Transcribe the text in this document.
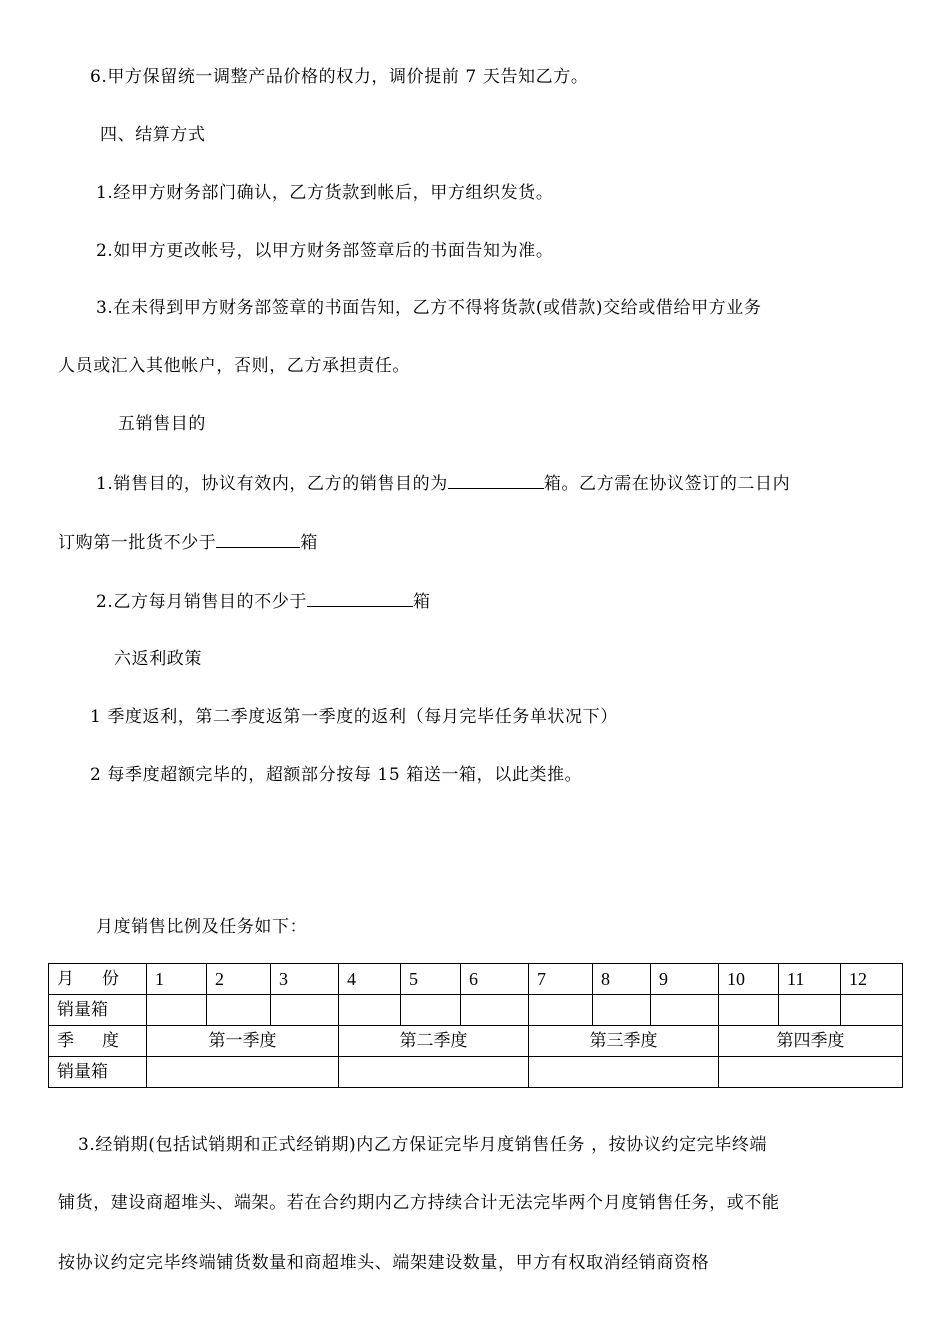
6.甲方保留统一调整产品价格的权力，调价提前 7 天告知乙方。
四、结算方式
1.经甲方财务部门确认，乙方货款到帐后，甲方组织发货。
2.如甲方更改帐号，以甲方财务部签章后的书面告知为准。
3.在未得到甲方财务部签章的书面告知，乙方不得将货款(或借款)交给或借给甲方业务
人员或汇入其他帐户，否则，乙方承担责任。
五销售目的
1.销售目的，协议有效内，乙方的销售目的为	箱。乙方需在协议签订的二日内
订购第一批货不少于	箱
2.乙方每月销售目的不少于	箱
六返利政策
1 季度返利，第二季度返第一季度的返利（每月完毕任务单状况下）
2 每季度超额完毕的，超额部分按每 15 箱送一箱，以此类推。
月度销售比例及任务如下：
月 份	1	2	3	4	5	6	7	8	9	10	11	12
销量箱												
季 度	第一季度			第二季度			第三季度			第四季度		
销量箱												
3.经销期(包括试销期和正式经销期)内乙方保证完毕月度销售任务 ，按协议约定完毕终端
铺货，建设商超堆头、端架。若在合约期内乙方持续合计无法完毕两个月度销售任务，或不能
按协议约定完毕终端铺货数量和商超堆头、端架建设数量，甲方有权取消经销商资格
